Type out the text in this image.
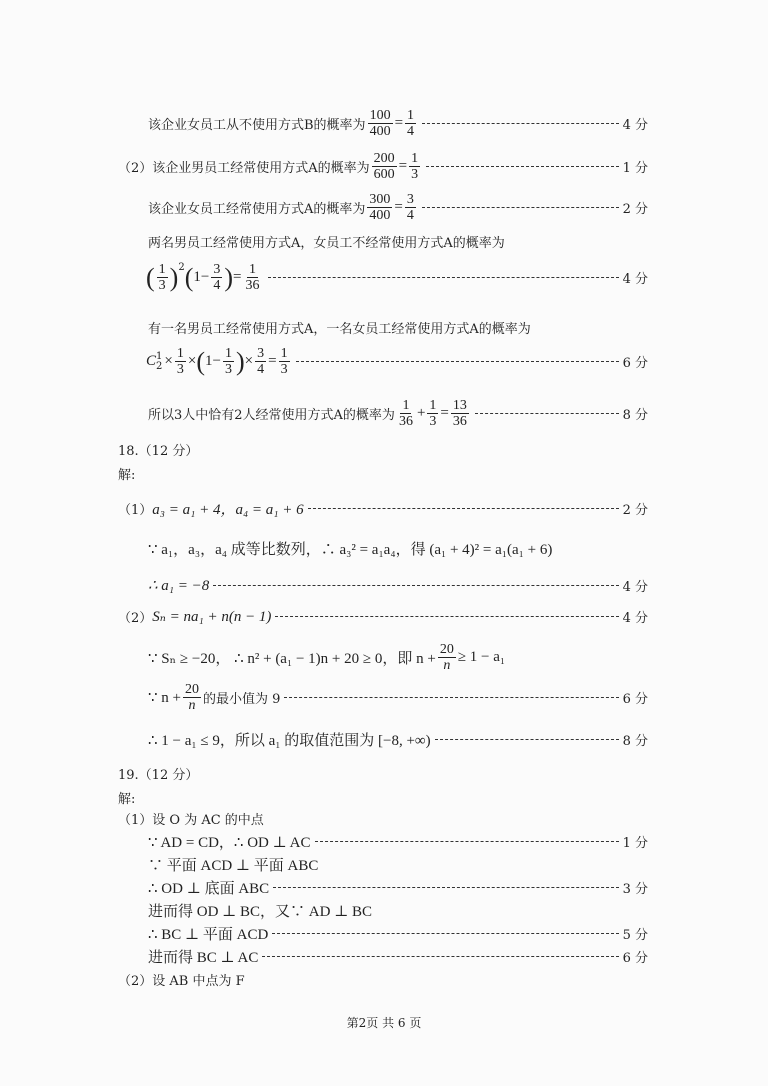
该企业女员工从不使用方式B的概率为 $\frac{100}{400} = \frac{1}{4}$	4 分
（2）该企业男员工经常使用方式A的概率为 $\frac{200}{600} = \frac{1}{3}$	1 分
该企业女员工经常使用方式A的概率为 $\frac{300}{400} = \frac{3}{4}$	2 分
两名男员工经常使用方式A，女员工不经常使用方式A的概率为
( $\frac{1}{3} )^2$ ( $1- \frac{3}{4}$ ) = $\frac{1}{36}$	4 分
有一名男员工经常使用方式A，一名女员工经常使用方式A的概率为
C 1
$2 \times \frac{1}{3}$ × ( $1- \frac{1}{3}$ ) × $\frac{3}{4} = \frac{1}{3}$	6 分
所以3人中恰有2人经常使用方式A的概率为 $\frac{1}{36} + \frac{1}{3} = \frac{13}{36}$	8 分
18.（12 分）
解:
（1） a₃ = a₁ + 4，a₄ = a₁ + 6	2 分
∵ a₁，a₃，a₄ 成等比数列，∴ a₃² = a₁a₄，得 (a₁ + 4)² = a₁(a₁ + 6)
∴ a₁ = −8	4 分
（2） Sₙ = na₁ + n(n − 1)	4 分
∵ Sₙ ≥ −20， ∴ n² + (a₁ − 1)n + 20 ≥ 0，即 $n + \frac{20}{n} \ge 1 - a_1$
∵ $n + \frac{20}{n}$ 的最小值为 9	6 分
∴ 1 − a₁ ≤ 9，所以 a₁ 的取值范围为 [−8, +∞)	8 分
19.（12 分）
解:
（1）设 O 为 AC 的中点
∵ AD = CD，∴ OD ⊥ AC	1 分
∵ 平面 ACD ⊥ 平面 ABC
∴ OD ⊥ 底面 ABC	3 分
进而得 OD ⊥ BC，又∵ AD ⊥ BC
∴ BC ⊥ 平面 ACD	5 分
进而得 BC ⊥ AC	6 分
（2）设 AB 中点为 F
第2页 共 6 页
